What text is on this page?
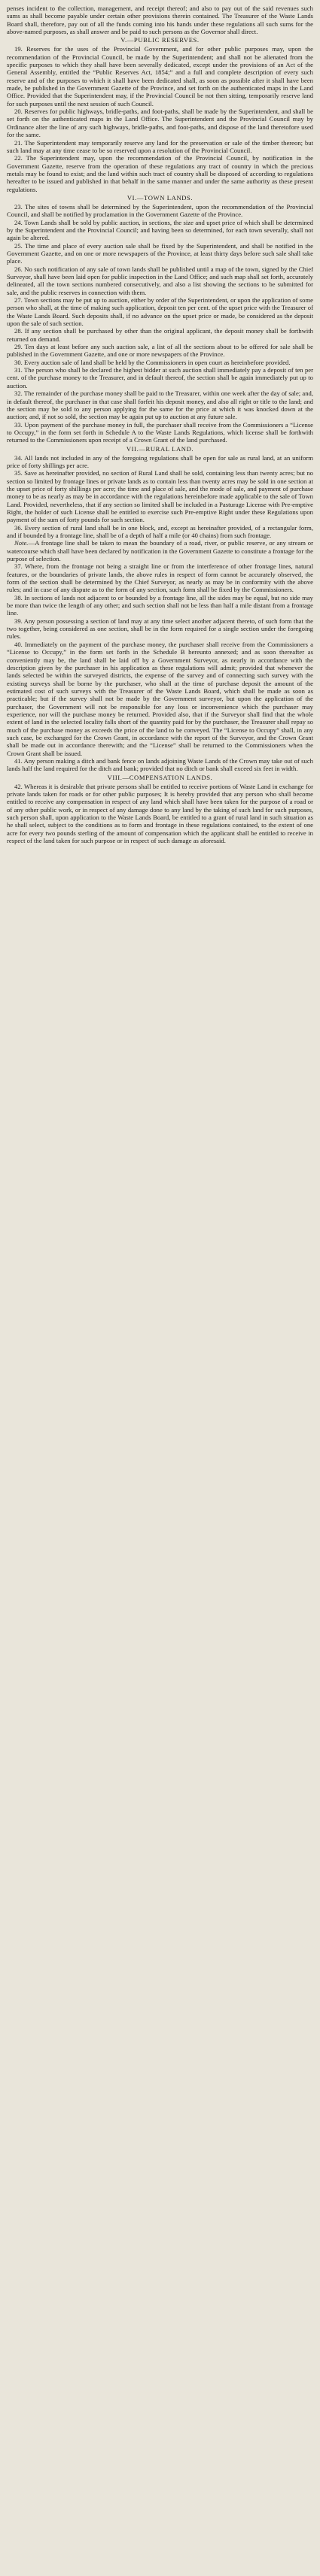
penses incident to the collection, management, and receipt thereof; and also to pay out of the said revenues such sums as shall become payable under certain other provisions therein contained. The Treasurer of the Waste Lands Board shall, therefore, pay out of all the funds coming into his hands under these regulations all such sums for the above-named purposes, as shall answer and be paid to such persons as the Governor shall direct.

V.—PUBLIC RESERVES.

19. Reserves for the uses of the Provincial Government, and for other public purposes may, upon the recommendation of the Provincial Council, be made by the Superintendent; and shall not be alienated from the specific purposes to which they shall have been severally dedicated, except under the provisions of an Act of the General Assembly, entitled the “Public Reserves Act, 1854;” and a full and complete description of every such reserve and of the purposes to which it shall have been dedicated shall, as soon as possible after it shall have been made, be published in the Government Gazette of the Province, and set forth on the authenticated maps in the Land Office. Provided that the Superintendent may, if the Provincial Council be not then sitting, temporarily reserve land for such purposes until the next session of such Council.

20. Reserves for public highways, bridle-paths, and foot-paths, shall be made by the Superintendent, and shall be set forth on the authenticated maps in the Land Office. The Superintendent and the Provincial Council may by Ordinance alter the line of any such highways, bridle-paths, and foot-paths, and dispose of the land theretofore used for the same.

21. The Superintendent may temporarily reserve any land for the preservation or sale of the timber thereon; but such land may at any time cease to be so reserved upon a resolution of the Provincial Council.

22. The Superintendent may, upon the recommendation of the Provincial Council, by notification in the Government Gazette, reserve from the operation of these regulations any tract of country in which the precious metals may be found to exist; and the land within such tract of country shall be disposed of according to regulations hereafter to be issued and published in that behalf in the same manner and under the same authority as these present regulations.

VI.—TOWN LANDS.

23. The sites of towns shall be determined by the Superintendent, upon the recommendation of the Provincial Council, and shall be notified by proclamation in the Government Gazette of the Province.

24. Town Lands shall be sold by public auction, in sections, the size and upset price of which shall be determined by the Superintendent and the Provincial Council; and having been so determined, for each town severally, shall not again be altered.

25. The time and place of every auction sale shall be fixed by the Superintendent, and shall be notified in the Government Gazette, and on one or more newspapers of the Province, at least thirty days before such sale shall take place.

26. No such notification of any sale of town lands shall be published until a map of the town, signed by the Chief Surveyor, shall have been laid open for public inspection in the Land Office; and such map shall set forth, accurately delineated, all the town sections numbered consecutively, and also a list showing the sections to be submitted for sale, and the public reserves in connection with them.

27. Town sections may be put up to auction, either by order of the Superintendent, or upon the application of some person who shall, at the time of making such application, deposit ten per cent. of the upset price with the Treasurer of the Waste Lands Board. Such deposits shall, if no advance on the upset price or made, be considered as the deposit upon the sale of such section.

28. If any section shall be purchased by other than the original applicant, the deposit money shall be forthwith returned on demand.

29. Ten days at least before any such auction sale, a list of all the sections about to be offered for sale shall be published in the Government Gazette, and one or more newspapers of the Province.

30. Every auction sale of land shall be held by the Commissioners in open court as hereinbefore provided.

31. The person who shall be declared the highest bidder at such auction shall immediately pay a deposit of ten per cent. of the purchase money to the Treasurer, and in default thereof, the section shall be again immediately put up to auction.

32. The remainder of the purchase money shall be paid to the Treasurer, within one week after the day of sale; and, in default thereof, the purchaser in that case shall forfeit his deposit money, and also all right or title to the land; and the section may be sold to any person applying for the same for the price at which it was knocked down at the auction; and, if not so sold, the section may be again put up to auction at any future sale.

33. Upon payment of the purchase money in full, the purchaser shall receive from the Commissioners a “License to Occupy,” in the form set forth in Schedule A to the Waste Lands Regulations, which license shall be forthwith returned to the Commissioners upon receipt of a Crown Grant of the land purchased.

VII.—RURAL LAND.

34. All lands not included in any of the foregoing regulations shall be open for sale as rural land, at an uniform price of forty shillings per acre.

35. Save as hereinafter provided, no section of Rural Land shall be sold, containing less than twenty acres; but no section so limited by frontage lines or private lands as to contain less than twenty acres may be sold in one section at the upset price of forty shillings per acre; the time and place of sale, and the mode of sale, and payment of purchase money to be as nearly as may be in accordance with the regulations hereinbefore made applicable to the sale of Town Land. Provided, nevertheless, that if any section so limited shall be included in a Pasturage License with Pre-emptive Right, the holder of such License shall be entitled to exercise such Pre-emptive Right under these Regulations upon payment of the sum of forty pounds for such section.

36. Every section of rural land shall be in one block, and, except as hereinafter provided, of a rectangular form, and if bounded by a frontage line, shall be of a depth of half a mile (or 40 chains) from such frontage.

Note.—A frontage line shall be taken to mean the boundary of a road, river, or public reserve, or any stream or watercourse which shall have been declared by notification in the Government Gazette to constitute a frontage for the purpose of selection.

37. Where, from the frontage not being a straight line or from the interference of other frontage lines, natural features, or the boundaries of private lands, the above rules in respect of form cannot be accurately observed, the form of the section shall be determined by the Chief Surveyor, as nearly as may be in conformity with the above rules; and in case of any dispute as to the form of any section, such form shall be fixed by the Commissioners.

38. In sections of lands not adjacent to or bounded by a frontage line, all the sides may be equal, but no side may be more than twice the length of any other; and such section shall not be less than half a mile distant from a frontage line.

39. Any person possessing a section of land may at any time select another adjacent thereto, of such form that the two together, being considered as one section, shall be in the form required for a single section under the foregoing rules.

40. Immediately on the payment of the purchase money, the purchaser shall receive from the Commissioners a “License to Occupy,” in the form set forth in the Schedule B hereunto annexed; and as soon thereafter as conveniently may be, the land shall be laid off by a Government Surveyor, as nearly in accordance with the description given by the purchaser in his application as these regulations will admit; provided that whenever the lands selected be within the surveyed districts, the expense of the survey and of connecting such survey with the existing surveys shall be borne by the purchaser, who shall at the time of purchase deposit the amount of the estimated cost of such surveys with the Treasurer of the Waste Lands Board, which shall be made as soon as practicable; but if the survey shall not be made by the Government surveyor, but upon the application of the purchaser, the Government will not be responsible for any loss or inconvenience which the purchaser may experience, nor will the purchase money be returned. Provided also, that if the Surveyor shall find that the whole extent of land in the selected locality falls short of the quantity paid for by the purchaser, the Treasurer shall repay so much of the purchase money as exceeds the price of the land to be conveyed. The “License to Occupy” shall, in any such case, be exchanged for the Crown Grant, in accordance with the report of the Surveyor, and the Crown Grant shall be made out in accordance therewith; and the “License” shall be returned to the Commissioners when the Crown Grant shall be issued.

41. Any person making a ditch and bank fence on lands adjoining Waste Lands of the Crown may take out of such lands half the land required for the ditch and bank; provided that no ditch or bank shall exceed six feet in width.

VIII.—COMPENSATION LANDS.

42. Whereas it is desirable that private persons shall be entitled to receive portions of Waste Land in exchange for private lands taken for roads or for other public purposes; It is hereby provided that any person who shall become entitled to receive any compensation in respect of any land which shall have been taken for the purpose of a road or of any other public work, or in respect of any damage done to any land by the taking of such land for such purposes, such person shall, upon application to the Waste Lands Board, be entitled to a grant of rural land in such situation as he shall select, subject to the conditions as to form and frontage in these regulations contained, to the extent of one acre for every two pounds sterling of the amount of compensation which the applicant shall be entitled to receive in respect of the land taken for such purpose or in respect of such damage as aforesaid.
